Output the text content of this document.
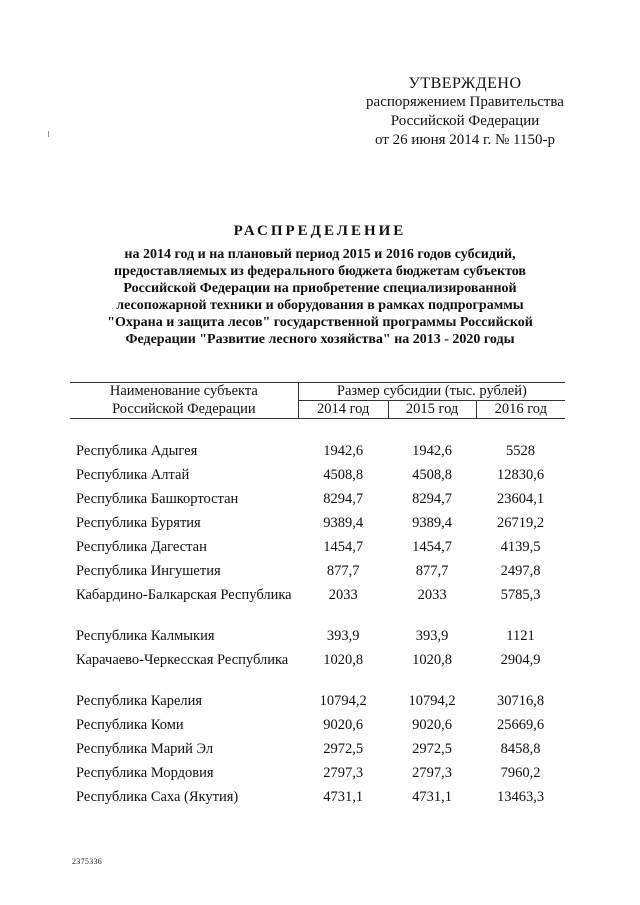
УТВЕРЖДЕНО
распоряжением Правительства
Российской Федерации
от 26 июня 2014 г. № 1150-р
РАСПРЕДЕЛЕНИЕ
на 2014 год и на плановый период 2015 и 2016 годов субсидий,
предоставляемых из федерального бюджета бюджетам субъектов
Российской Федерации на приобретение специализированной
лесопожарной техники и оборудования в рамках подпрограммы
"Охрана и защита лесов" государственной программы Российской
Федерации "Развитие лесного хозяйства" на 2013 - 2020 годы
Наименование субъекта	Размер субсидии (тыс. рублей)		
Российской Федерации	2014 год	2015 год	2016 год

Республика Адыгея	1942,6	1942,6	5528
Республика Алтай	4508,8	4508,8	12830,6
Республика Башкортостан	8294,7	8294,7	23604,1
Республика Бурятия	9389,4	9389,4	26719,2
Республика Дагестан	1454,7	1454,7	4139,5
Республика Ингушетия	877,7	877,7	2497,8
Кабардино-Балкарская Республика	2033	2033	5785,3
Республика Калмыкия	393,9	393,9	1121
Карачаево-Черкесская Республика	1020,8	1020,8	2904,9
Республика Карелия	10794,2	10794,2	30716,8
Республика Коми	9020,6	9020,6	25669,6
Республика Марий Эл	2972,5	2972,5	8458,8
Республика Мордовия	2797,3	2797,3	7960,2
Республика Саха (Якутия)	4731,1	4731,1	13463,3
2375336
